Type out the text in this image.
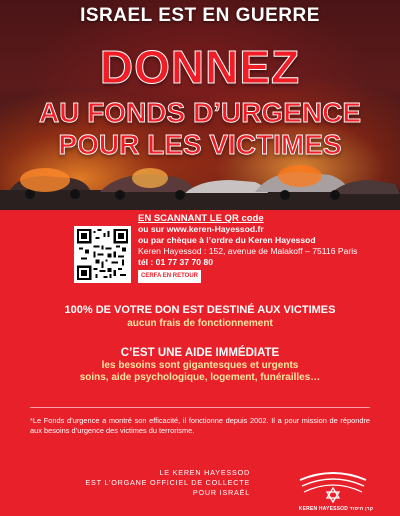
ISRAEL EST EN GUERRE
DONNEZ
AU FONDS D’URGENCE
POUR LES VICTIMES
EN SCANNANT LE QR code
ou sur www.keren-Hayessod.fr
ou par chèque à l’ordre du Keren Hayessod
Keren Hayessod : 152, avenue de Malakoff – 75116 Paris
tél : 01 77 37 70 80
CERFA EN RETOUR
100% DE VOTRE DON EST DESTINÉ AUX VICTIMES
aucun frais de fonctionnement
C’EST UNE AIDE IMMÉDIATE
les besoins sont gigantesques et urgents
soins, aide psychologique, logement, funérailles…
*Le Fonds d’urgence a montré son efficacité, il fonctionne depuis 2002. Il a pour mission de répondre aux besoins d’urgence des victimes du terrorisme.
LE KEREN HAYESSOD
EST L’ORGANE OFFICIEL DE COLLECTE
POUR ISRAËL
KEREN HAYESSOD קרן היסוד
